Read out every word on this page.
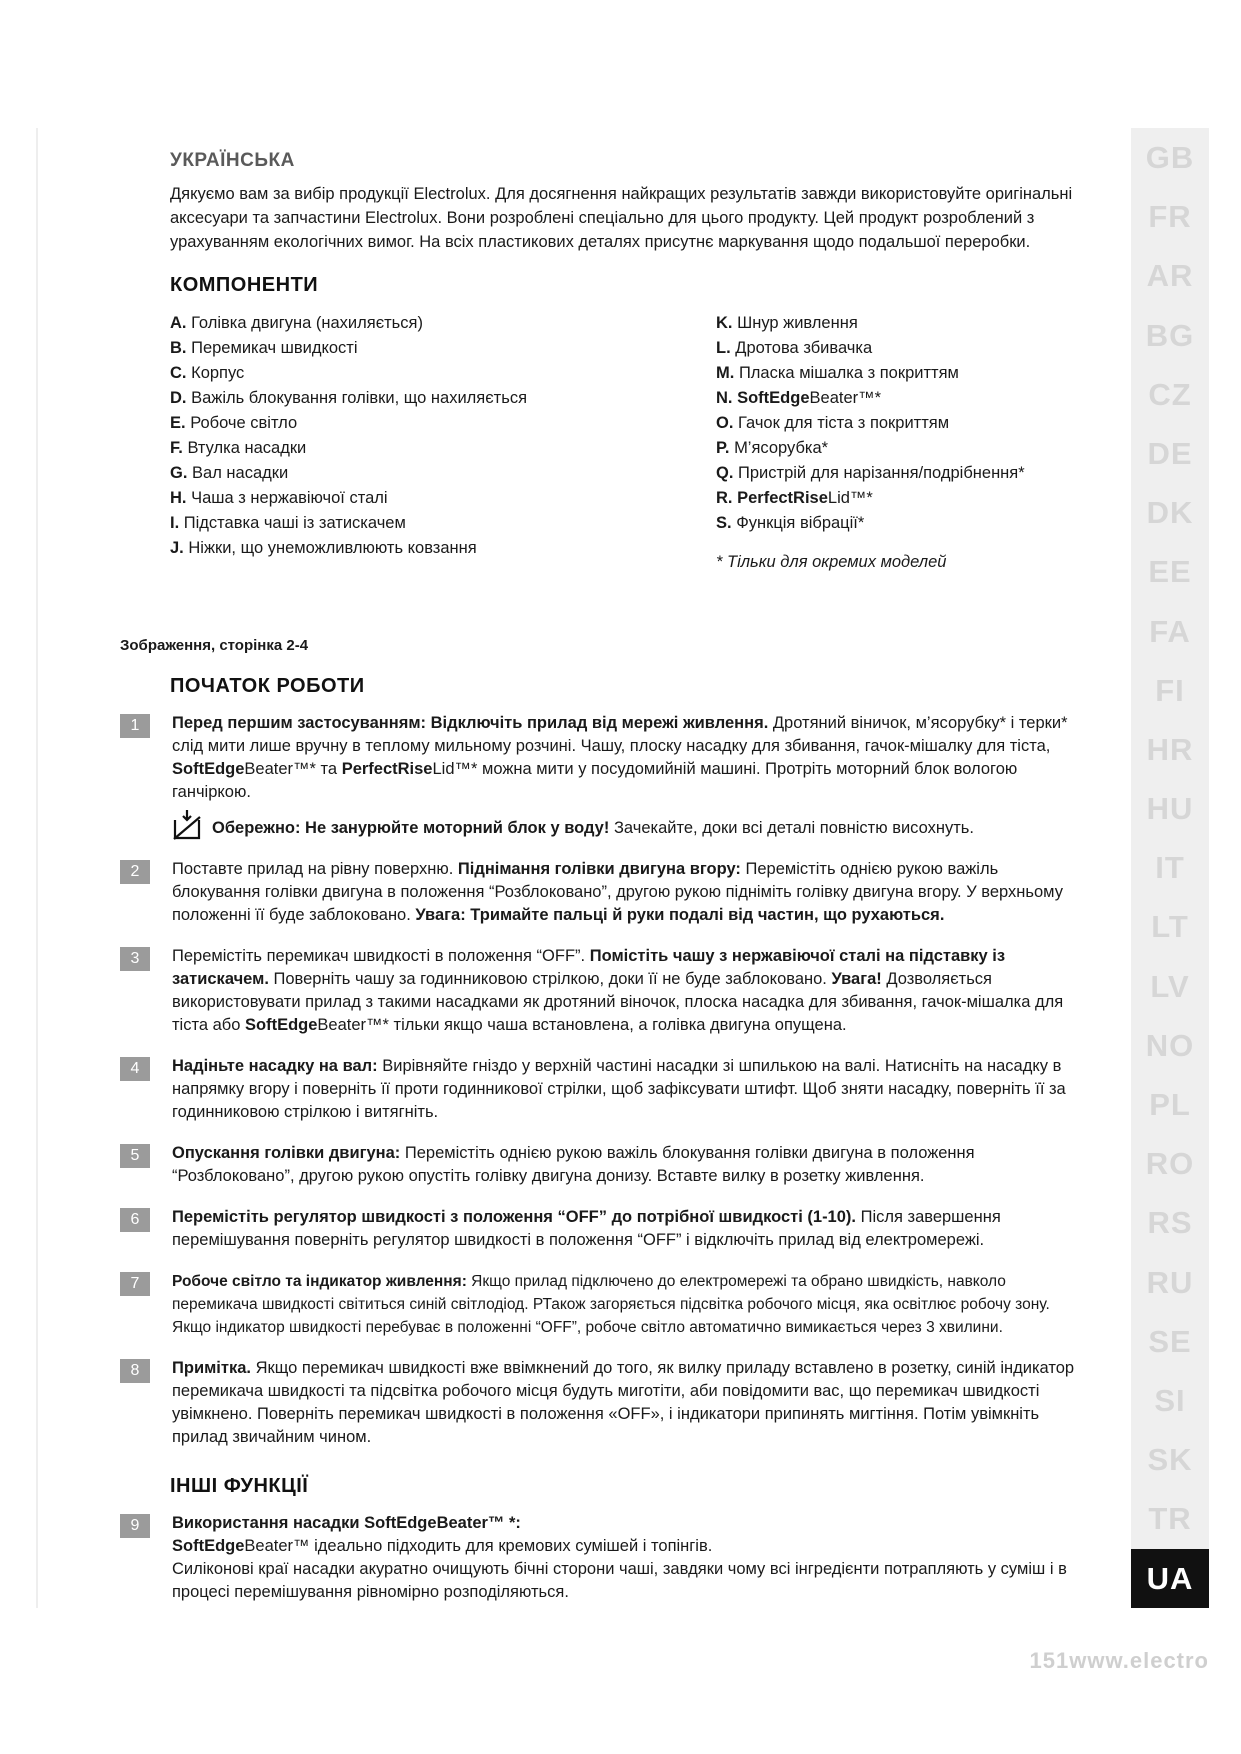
GB
FR
AR
BG
CZ
DE
DK
EE
FA
FI
HR
HU
IT
LT
LV
NO
PL
RO
RS
RU
SE
SI
SK
TR
UA
151www.electro
УКРАЇНСЬКА

Дякуємо вам за вибір продукції Electrolux. Для досягнення найкращих результатів завжди використовуйте оригінальні аксесуари та запчастини Electrolux. Вони розроблені спеціально для цього продукту. Цей продукт розроблений з урахуванням екологічних вимог. На всіх пластикових деталях присутнє маркування щодо подальшої переробки.

КОМПОНЕНТИ
A. Голівка двигуна (нахиляється)
B. Перемикач швидкості
C. Корпус
D. Важіль блокування голівки, що нахиляється
E. Робоче світло
F. Втулка насадки
G. Вал насадки
H. Чаша з нержавіючої сталі
I. Підставка чаші із затискачем
J. Ніжки, що унеможливлюють ковзання
K. Шнур живлення
L. Дротова збивачка
M. Пласка мішалка з покриттям
N. SoftEdgeBeater™*
O. Гачок для тіста з покриттям
P. М’ясорубка*
Q. Пристрій для нарізання/подрібнення*
R. PerfectRiseLid™*
S. Функція вібрації*
* Тільки для окремих моделей
Зображення, сторінка 2-4
ПОЧАТОК РОБОТИ
1	Перед першим застосуванням: Відключіть прилад від мережі живлення. Дротяний віничок, м’ясорубку* і терки* слід мити лише вручну в теплому мильному розчині. Чашу, плоску насадку для збивання, гачок-мішалку для тіста, SoftEdgeBeater™* та PerfectRiseLid™* можна мити у посудомийній машині. Протріть моторний блок вологою ганчіркою.
Обережно: Не занурюйте моторний блок у воду! Зачекайте, доки всі деталі повністю висохнуть.
2	Поставте прилад на рівну поверхню. Піднімання голівки двигуна вгору: Перемістіть однією рукою важіль блокування голівки двигуна в положення “Розблоковано”, другою рукою підніміть голівку двигуна вгору. У верхньому положенні її буде заблоковано. Увага: Тримайте пальці й руки подалі від частин, що рухаються.
3	Перемістіть перемикач швидкості в положення “OFF”. Помістіть чашу з нержавіючої сталі на підставку із затискачем. Поверніть чашу за годинниковою стрілкою, доки її не буде заблоковано. Увага! Дозволяється використовувати прилад з такими насадками як дротяний віночок, плоска насадка для збивання, гачок-мішалка для тіста або SoftEdgeBeater™* тільки якщо чаша встановлена, а голівка двигуна опущена.
4	Надіньте насадку на вал: Вирівняйте гніздо у верхній частині насадки зі шпилькою на валі. Натисніть на насадку в напрямку вгору і поверніть її проти годинникової стрілки, щоб зафіксувати штифт. Щоб зняти насадку, поверніть її за годинниковою стрілкою і витягніть.
5	Опускання голівки двигуна: Перемістіть однією рукою важіль блокування голівки двигуна в положення “Розблоковано”, другою рукою опустіть голівку двигуна донизу. Вставте вилку в розетку живлення.
6	Перемістіть регулятор швидкості з положення “OFF” до потрібної швидкості (1-10). Після завершення перемішування поверніть регулятор швидкості в положення “OFF” і відключіть прилад від електромережі.
7	Робоче світло та індикатор живлення: Якщо прилад підключено до електромережі та обрано швидкість, навколо перемикача швидкості світиться синій світлодіод. РТакож загоряється підсвітка робочого місця, яка освітлює робочу зону. Якщо індикатор швидкості перебуває в положенні “OFF”, робоче світло автоматично вимикається через 3 хвилини.
8	Примітка. Якщо перемикач швидкості вже ввімкнений до того, як вилку приладу вставлено в розетку, синій індикатор перемикача швидкості та підсвітка робочого місця будуть миготіти, аби повідомити вас, що перемикач швидкості увімкнено. Поверніть перемикач швидкості в положення «OFF», і індикатори припинять мигтіння. Потім увімкніть прилад звичайним чином.
ІНШІ ФУНКЦІЇ
9	Використання насадки SoftEdgeBeater™ *:
SoftEdgeBeater™ ідеально підходить для кремових сумішей і топінгів.
Силіконові краї насадки акуратно очищують бічні сторони чаші, завдяки чому всі інгредієнти потрапляють у суміш і в процесі перемішування рівномірно розподіляються.
